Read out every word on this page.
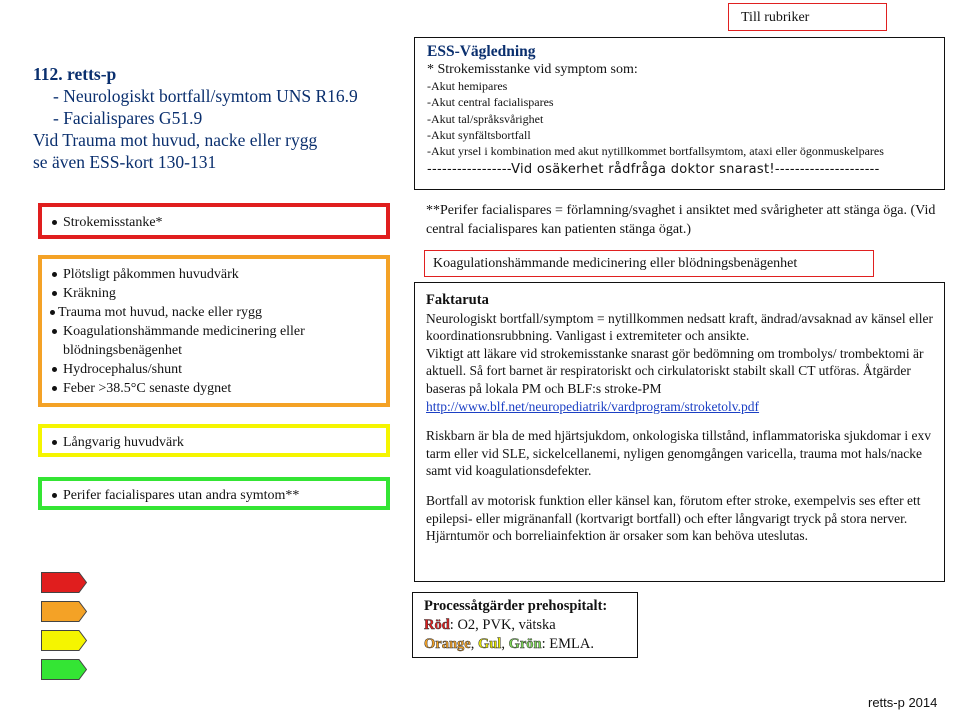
Till rubriker
112. retts-p
- Neurologiskt bortfall/symtom UNS R16.9
- Facialispares G51.9
Vid Trauma mot huvud, nacke eller rygg
se även ESS-kort 130-131
Strokemisstanke*
Plötsligt påkommen huvudvärk
Kräkning
Trauma mot huvud, nacke eller rygg
Koagulationshämmande medicinering eller blödningsbenägenhet
Hydrocephalus/shunt
Feber >38.5°C senaste dygnet
Långvarig huvudvärk
Perifer facialispares utan andra symtom**
ESS-Vägledning
* Strokemisstanke vid symptom som:
-Akut hemipares
-Akut central facialispares
-Akut tal/språksvårighet
-Akut synfältsbortfall
-Akut yrsel i kombination med akut nytillkommet bortfallsymtom, ataxi eller ögonmuskelpares
-----------------Vid osäkerhet rådfråga doktor snarast!---------------------
**Perifer facialispares = förlamning/svaghet i ansiktet med svårigheter att stänga öga. (Vid central facialispares kan patienten stänga ögat.)
Koagulationshämmande medicinering eller blödningsbenägenhet

Faktaruta

Neurologiskt bortfall/symptom = nytillkommen nedsatt kraft, ändrad/avsaknad av känsel eller koordinationsrubbning. Vanligast i extremiteter och ansikte.

Viktigt att läkare vid strokemisstanke snarast gör bedömning om trombolys/ trombektomi är aktuell. Så fort barnet är respiratoriskt och cirkulatoriskt stabilt skall CT utföras. Åtgärder baseras på lokala PM och BLF:s stroke-PM

http://www.blf.net/neuropediatrik/vardprogram/stroketolv.pdf

Riskbarn är bla de med hjärtsjukdom, onkologiska tillstånd, inflammatoriska sjukdomar i exv tarm eller vid SLE, sickelcellanemi, nyligen genomgången varicella, trauma mot hals/nacke samt vid koagulationsdefekter.

Bortfall av motorisk funktion eller känsel kan, förutom efter stroke, exempelvis ses efter ett epilepsi- eller migränanfall (kortvarigt bortfall) och efter långvarigt tryck på stora nerver.

Hjärntumör och borreliainfektion är orsaker som kan behöva uteslutas.

Processåtgärder prehospitalt:
Röd: O2, PVK, vätska
Orange, Gul, Grön: EMLA.
retts-p 2014
